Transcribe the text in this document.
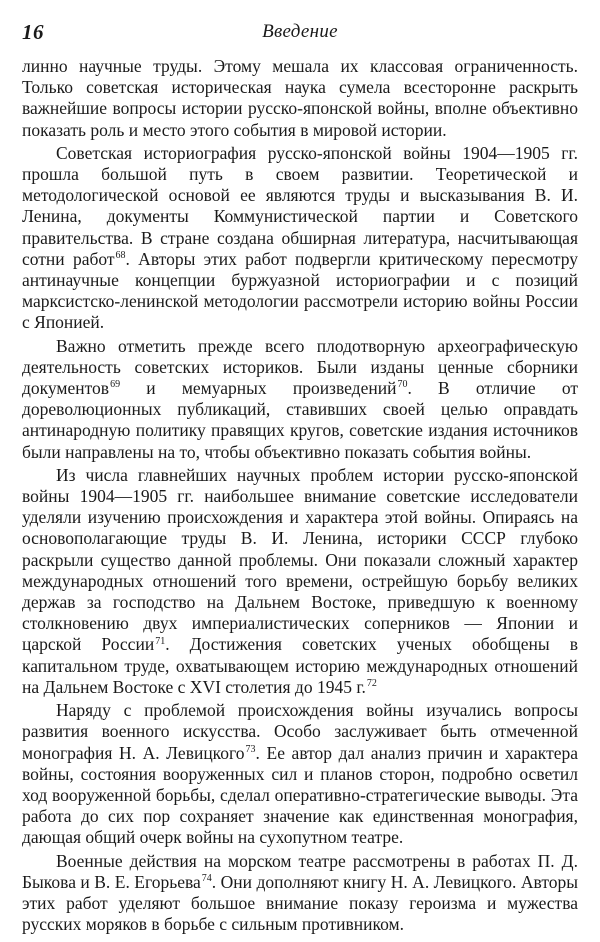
16	Введение

линно научные труды. Этому мешала их классовая ограниченность. Только советская историческая наука сумела всесторонне раскрыть важнейшие вопросы истории русско-японской войны, вполне объективно показать роль и место этого события в мировой истории.

Советская историография русско-японской войны 1904—1905 гг. прошла большой путь в своем развитии. Теоретической и методологической основой ее являются труды и высказывания В. И. Ленина, документы Коммунистической партии и Советского правительства. В стране создана обширная литература, насчитывающая сотни работ$^{68}$. Авторы этих работ подвергли критическому пересмотру антинаучные концепции буржуазной историографии и с позиций марксистско-ленинской методологии рассмотрели историю войны России с Японией.

Важно отметить прежде всего плодотворную археографическую деятельность советских историков. Были изданы ценные сборники документов$^{69}$ и мемуарных произведений$^{70}$. В отличие от дореволюционных публикаций, ставивших своей целью оправдать антинародную политику правящих кругов, советские издания источников были направлены на то, чтобы объективно показать события войны.

Из числа главнейших научных проблем истории русско-японской войны 1904—1905 гг. наибольшее внимание советские исследователи уделяли изучению происхождения и характера этой войны. Опираясь на основополагающие труды В. И. Ленина, историки СССР глубоко раскрыли существо данной проблемы. Они показали сложный характер международных отношений того времени, острейшую борьбу великих держав за господство на Дальнем Востоке, приведшую к военному столкновению двух империалистических соперников — Японии и царской России$^{71}$. Достижения советских ученых обобщены в капитальном труде, охватывающем историю международных отношений на Дальнем Востоке с XVI столетия до 1945 г.$^{72}$

Наряду с проблемой происхождения войны изучались вопросы развития военного искусства. Особо заслуживает быть отмеченной монография Н. А. Левицкого$^{73}$. Ее автор дал анализ причин и характера войны, состояния вооруженных сил и планов сторон, подробно осветил ход вооруженной борьбы, сделал оперативно-стратегические выводы. Эта работа до сих пор сохраняет значение как единственная монография, дающая общий очерк войны на сухопутном театре.

Военные действия на морском театре рассмотрены в работах П. Д. Быкова и В. Е. Егорьева$^{74}$. Они дополняют книгу Н. А. Левицкого. Авторы этих работ уделяют большое внимание показу героизма и мужества русских моряков в борьбе с сильным противником.
